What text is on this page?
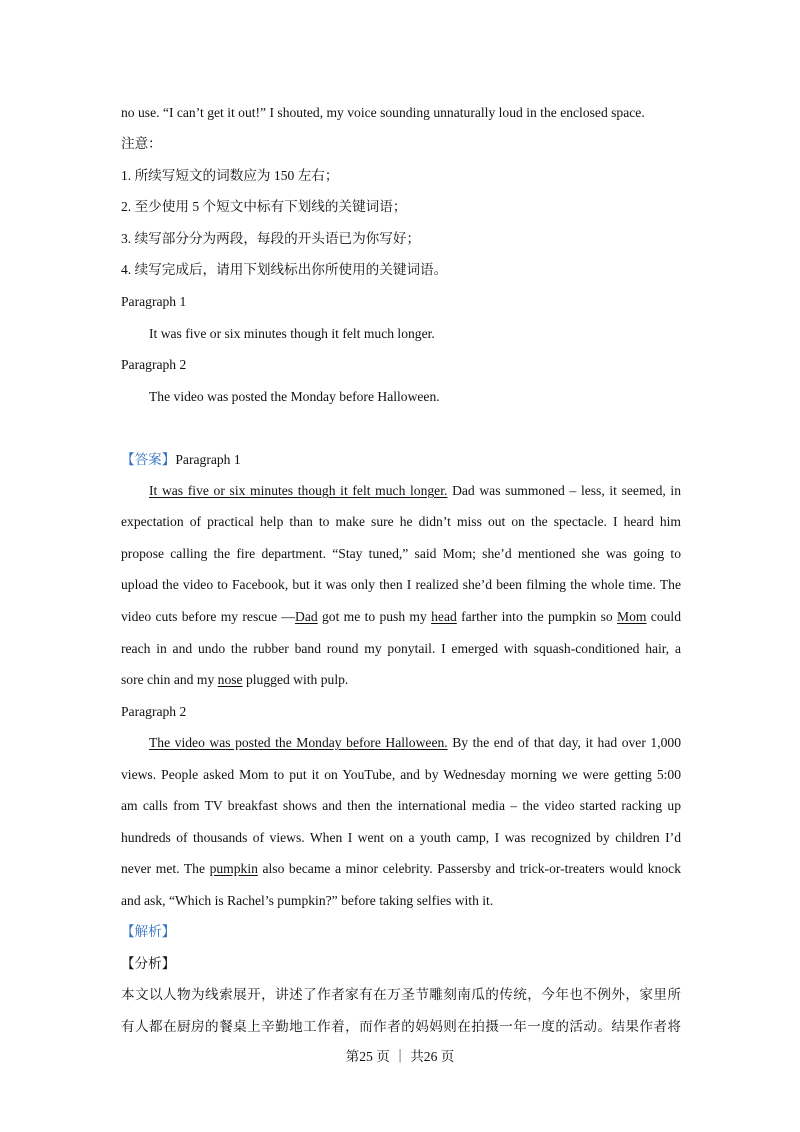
no use. “I can’t get it out!” I shouted, my voice sounding unnaturally loud in the enclosed space.

注意：

1. 所续写短文的词数应为 150 左右；

2. 至少使用 5 个短文中标有下划线的关键词语；

3. 续写部分分为两段，每段的开头语已为你写好；

4. 续写完成后，请用下划线标出你所使用的关键词语。

Paragraph 1

It was five or six minutes though it felt much longer.

Paragraph 2

The video was posted the Monday before Halloween.

【答案】Paragraph 1

It was five or six minutes though it felt much longer. Dad was summoned – less, it seemed, in

expectation of practical help than to make sure he didn’t miss out on the spectacle. I heard him

propose calling the fire department. “Stay tuned,” said Mom; she’d mentioned she was going to

upload the video to Facebook, but it was only then I realized she’d been filming the whole time. The

video cuts before my rescue —Dad got me to push my head farther into the pumpkin so Mom could

reach in and undo the rubber band round my ponytail. I emerged with squash-conditioned hair, a

sore chin and my nose plugged with pulp.

Paragraph 2

The video was posted the Monday before Halloween. By the end of that day, it had over 1,000

views. People asked Mom to put it on YouTube, and by Wednesday morning we were getting 5:00

am calls from TV breakfast shows and then the international media – the video started racking up

hundreds of thousands of views. When I went on a youth camp, I was recognized by children I’d

never met. The pumpkin also became a minor celebrity. Passersby and trick-or-treaters would knock

and ask, “Which is Rachel’s pumpkin?” before taking selfies with it.

【解析】

【分析】

本文以人物为线索展开，讲述了作者家有在万圣节雕刻南瓜的传统，今年也不例外，家里所

有人都在厨房的餐桌上辛勤地工作着，而作者的妈妈则在拍摄一年一度的活动。结果作者将

第25 页 ｜ 共26 页
